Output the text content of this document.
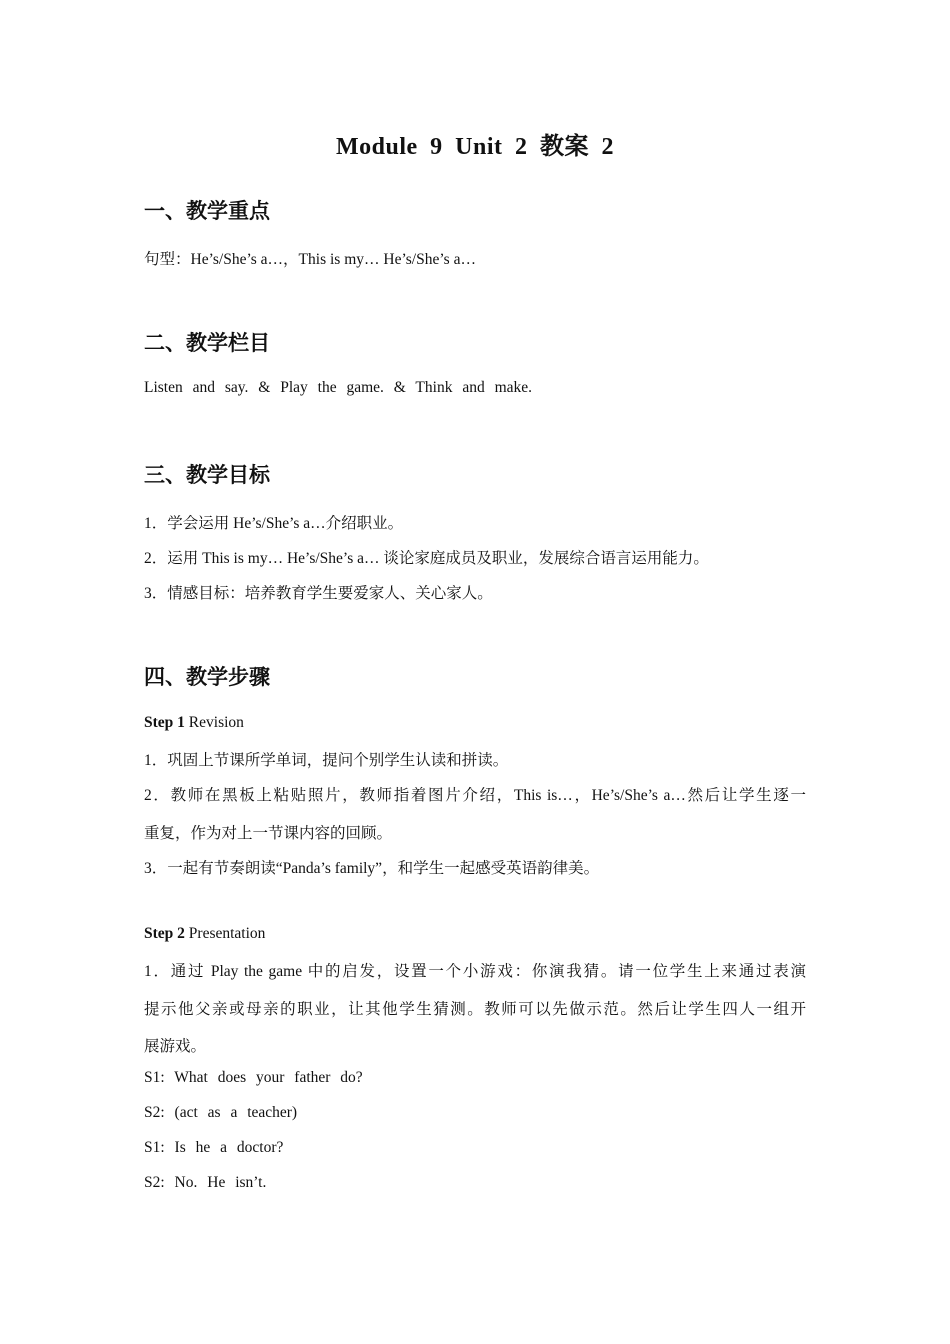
Module 9 Unit 2 教案 2
一、教学重点
句型：He’s/She’s a…，This is my… He’s/She’s a…
二、教学栏目
Listen and say. & Play the game. & Think and make.
三、教学目标
1．学会运用 He’s/She’s a…介绍职业。
2．运用 This is my… He’s/She’s a… 谈论家庭成员及职业，发展综合语言运用能力。
3．情感目标：培养教育学生要爱家人、关心家人。
四、教学步骤
Step 1 Revision
1．巩固上节课所学单词，提问个别学生认读和拼读。
2．教师在黑板上粘贴照片，教师指着图片介绍，This is…，He’s/She’s a…然后让学生逐一
重复，作为对上一节课内容的回顾。
3．一起有节奏朗读“Panda’s family”，和学生一起感受英语韵律美。
Step 2 Presentation
1．通过 Play the game 中的启发，设置一个小游戏：你演我猜。请一位学生上来通过表演
提示他父亲或母亲的职业，让其他学生猜测。教师可以先做示范。然后让学生四人一组开
展游戏。
S1: What does your father do?
S2: (act as a teacher)
S1: Is he a doctor?
S2: No. He isn’t.
